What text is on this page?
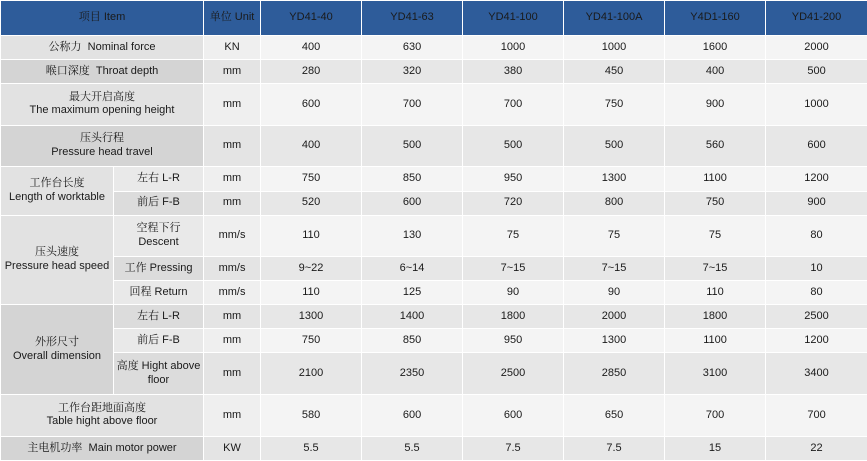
项目 Item		单位 Unit	YD41-40	YD41-63	YD41-100	YD41-100A	Y4D1-160	YD41-200
公称力 Nominal force		KN	400	630	1000	1000	1600	2000
喉口深度 Throat depth		mm	280	320	380	450	400	500

最大开启高度
The maximum opening height		mm	600	700	700	750	900	1000

压头行程
Pressure head travel		mm	400	500	500	500	560	600

工作台长度
Length of worktable	左右 L-R	mm	750	850	950	1300	1100	1200
	前后 F-B	mm	520	600	720	800	750	900

压头速度
Pressure head speed	空程下行 Descent	mm/s	110	130	75	75	75	80
	工作 Pressing	mm/s	9~22	6~14	7~15	7~15	7~15	10
	回程 Return	mm/s	110	125	90	90	110	80

外形尺寸
Overall dimension	左右 L-R	mm	1300	1400	1800	2000	1800	2500
	前后 F-B	mm	750	850	950	1300	1100	1200
	高度 Hight above floor	mm	2100	2350	2500	2850	3100	3400

工作台距地面高度
Table hight above floor		mm	580	600	600	650	700	700
主电机功率 Main motor power		KW	5.5	5.5	7.5	7.5	15	22
